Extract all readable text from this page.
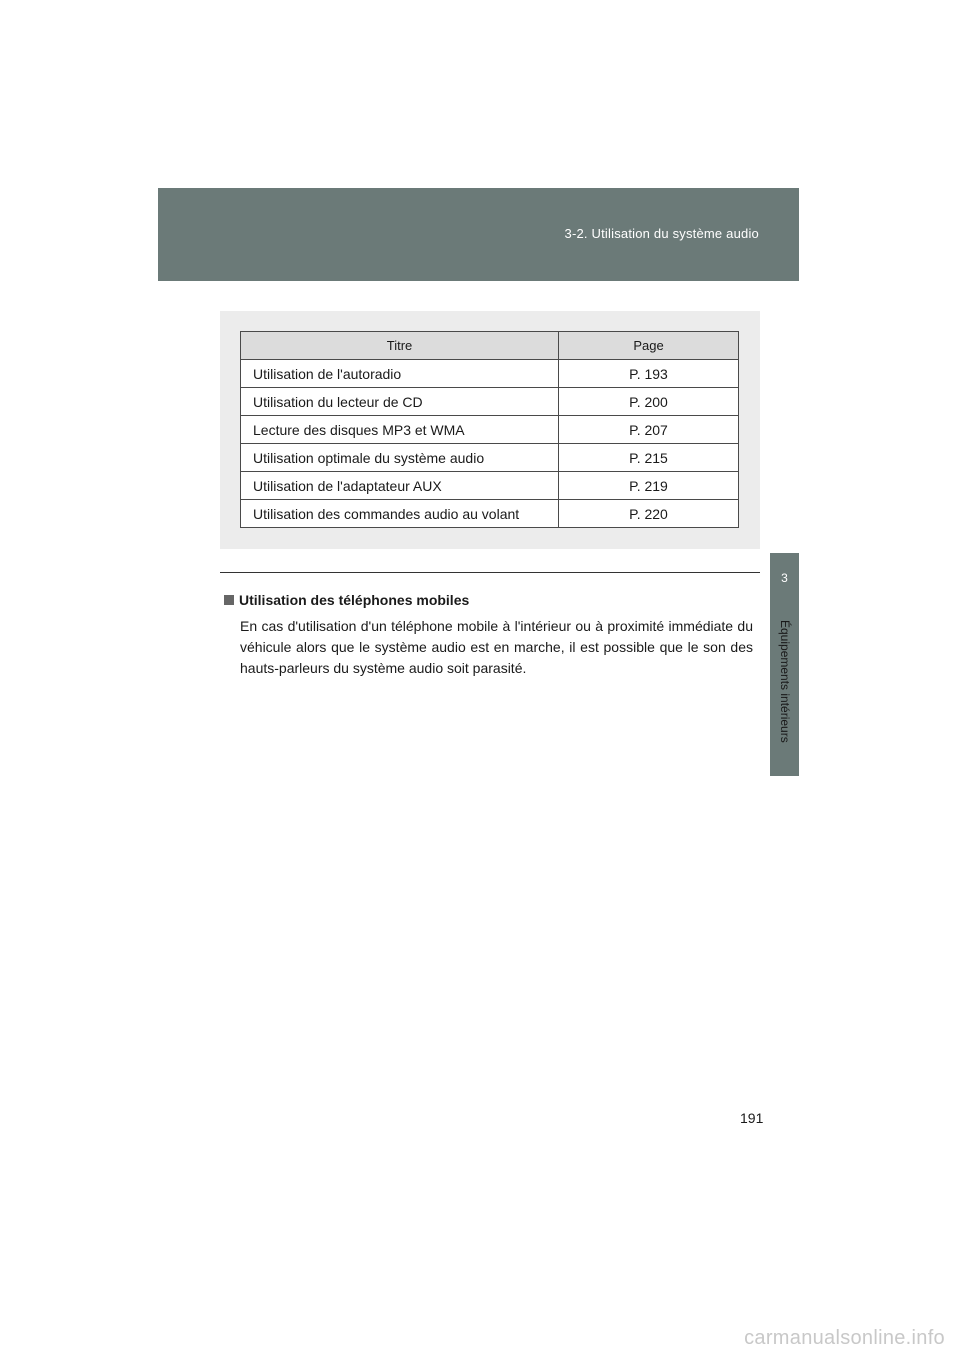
3-2. Utilisation du système audio
3
Équipements intérieurs
Titre	Page
Utilisation de l'autoradio	P. 193
Utilisation du lecteur de CD	P. 200
Lecture des disques MP3 et WMA	P. 207
Utilisation optimale du système audio	P. 215
Utilisation de l'adaptateur AUX	P. 219
Utilisation des commandes audio au volant	P. 220
Utilisation des téléphones mobiles
En cas d'utilisation d'un téléphone mobile à l'intérieur ou à proximité immédiate du véhicule alors que le système audio est en marche, il est possible que le son des hauts-parleurs du système audio soit parasité.
191
carmanualsonline.info
